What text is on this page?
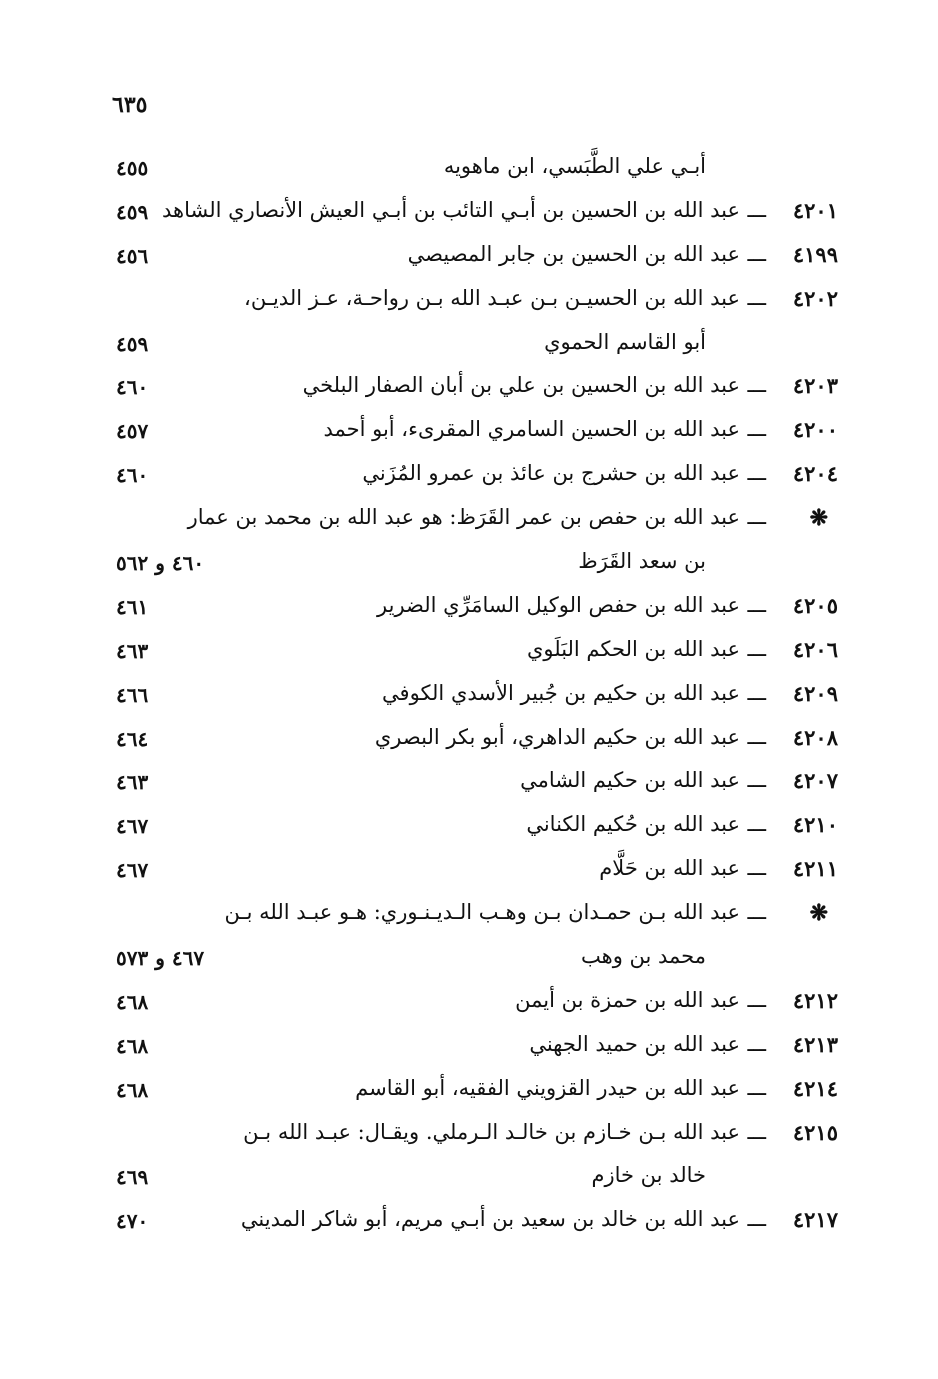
٦٣٥
أبـي علي الطَّبَسي، ابن ماهويه
٤٥٥
٤٢٠١
ـــ
عبد الله بن الحسين بن أبـي التائب بن أبـي العيش الأنصاري الشاهد
٤٥٩
٤١٩٩
ـــ
عبد الله بن الحسين بن جابر المصيصي
٤٥٦
٤٢٠٢
ـــ
عبد الله بن الحسيـن بـن عبـد الله بـن رواحـة، عـز الديـن،
أبو القاسم الحموي
٤٥٩
٤٢٠٣
ـــ
عبد الله بن الحسين بن علي بن أبان الصفار البلخي
٤٦٠
٤٢٠٠
ـــ
عبد الله بن الحسين السامري المقرىء، أبو أحمد
٤٥٧
٤٢٠٤
ـــ
عبد الله بن حشرج بن عائذ بن عمرو المُزَني
٤٦٠
❋
ـــ
عبد الله بن حفص بن عمر القَرَظ: هو عبد الله بن محمد بن عمار
بن سعد القَرَظ
٤٦٠ و ٥٦٢
٤٢٠٥
ـــ
عبد الله بن حفص الوكيل السامَرِّي الضرير
٤٦١
٤٢٠٦
ـــ
عبد الله بن الحكم البَلَوي
٤٦٣
٤٢٠٩
ـــ
عبد الله بن حكيم بن جُبير الأسدي الكوفي
٤٦٦
٤٢٠٨
ـــ
عبد الله بن حكيم الداهري، أبو بكر البصري
٤٦٤
٤٢٠٧
ـــ
عبد الله بن حكيم الشامي
٤٦٣
٤٢١٠
ـــ
عبد الله بن حُكيم الكناني
٤٦٧
٤٢١١
ـــ
عبد الله بن حَلَّام
٤٦٧
❋
ـــ
عبد الله بـن حمـدان بـن وهـب الـديـنـوري: هـو عبـد الله بـن
محمد بن وهب
٤٦٧ و ٥٧٣
٤٢١٢
ـــ
عبد الله بن حمزة بن أيمن
٤٦٨
٤٢١٣
ـــ
عبد الله بن حميد الجهني
٤٦٨
٤٢١٤
ـــ
عبد الله بن حيدر القزويني الفقيه، أبو القاسم
٤٦٨
٤٢١٥
ـــ
عبد الله بـن خـازم بن خالـد الـرملي. ويقـال: عبـد الله بـن
خالد بن خازم
٤٦٩
٤٢١٧
ـــ
عبد الله بن خالد بن سعيد بن أبـي مريم، أبو شاكر المديني
٤٧٠
